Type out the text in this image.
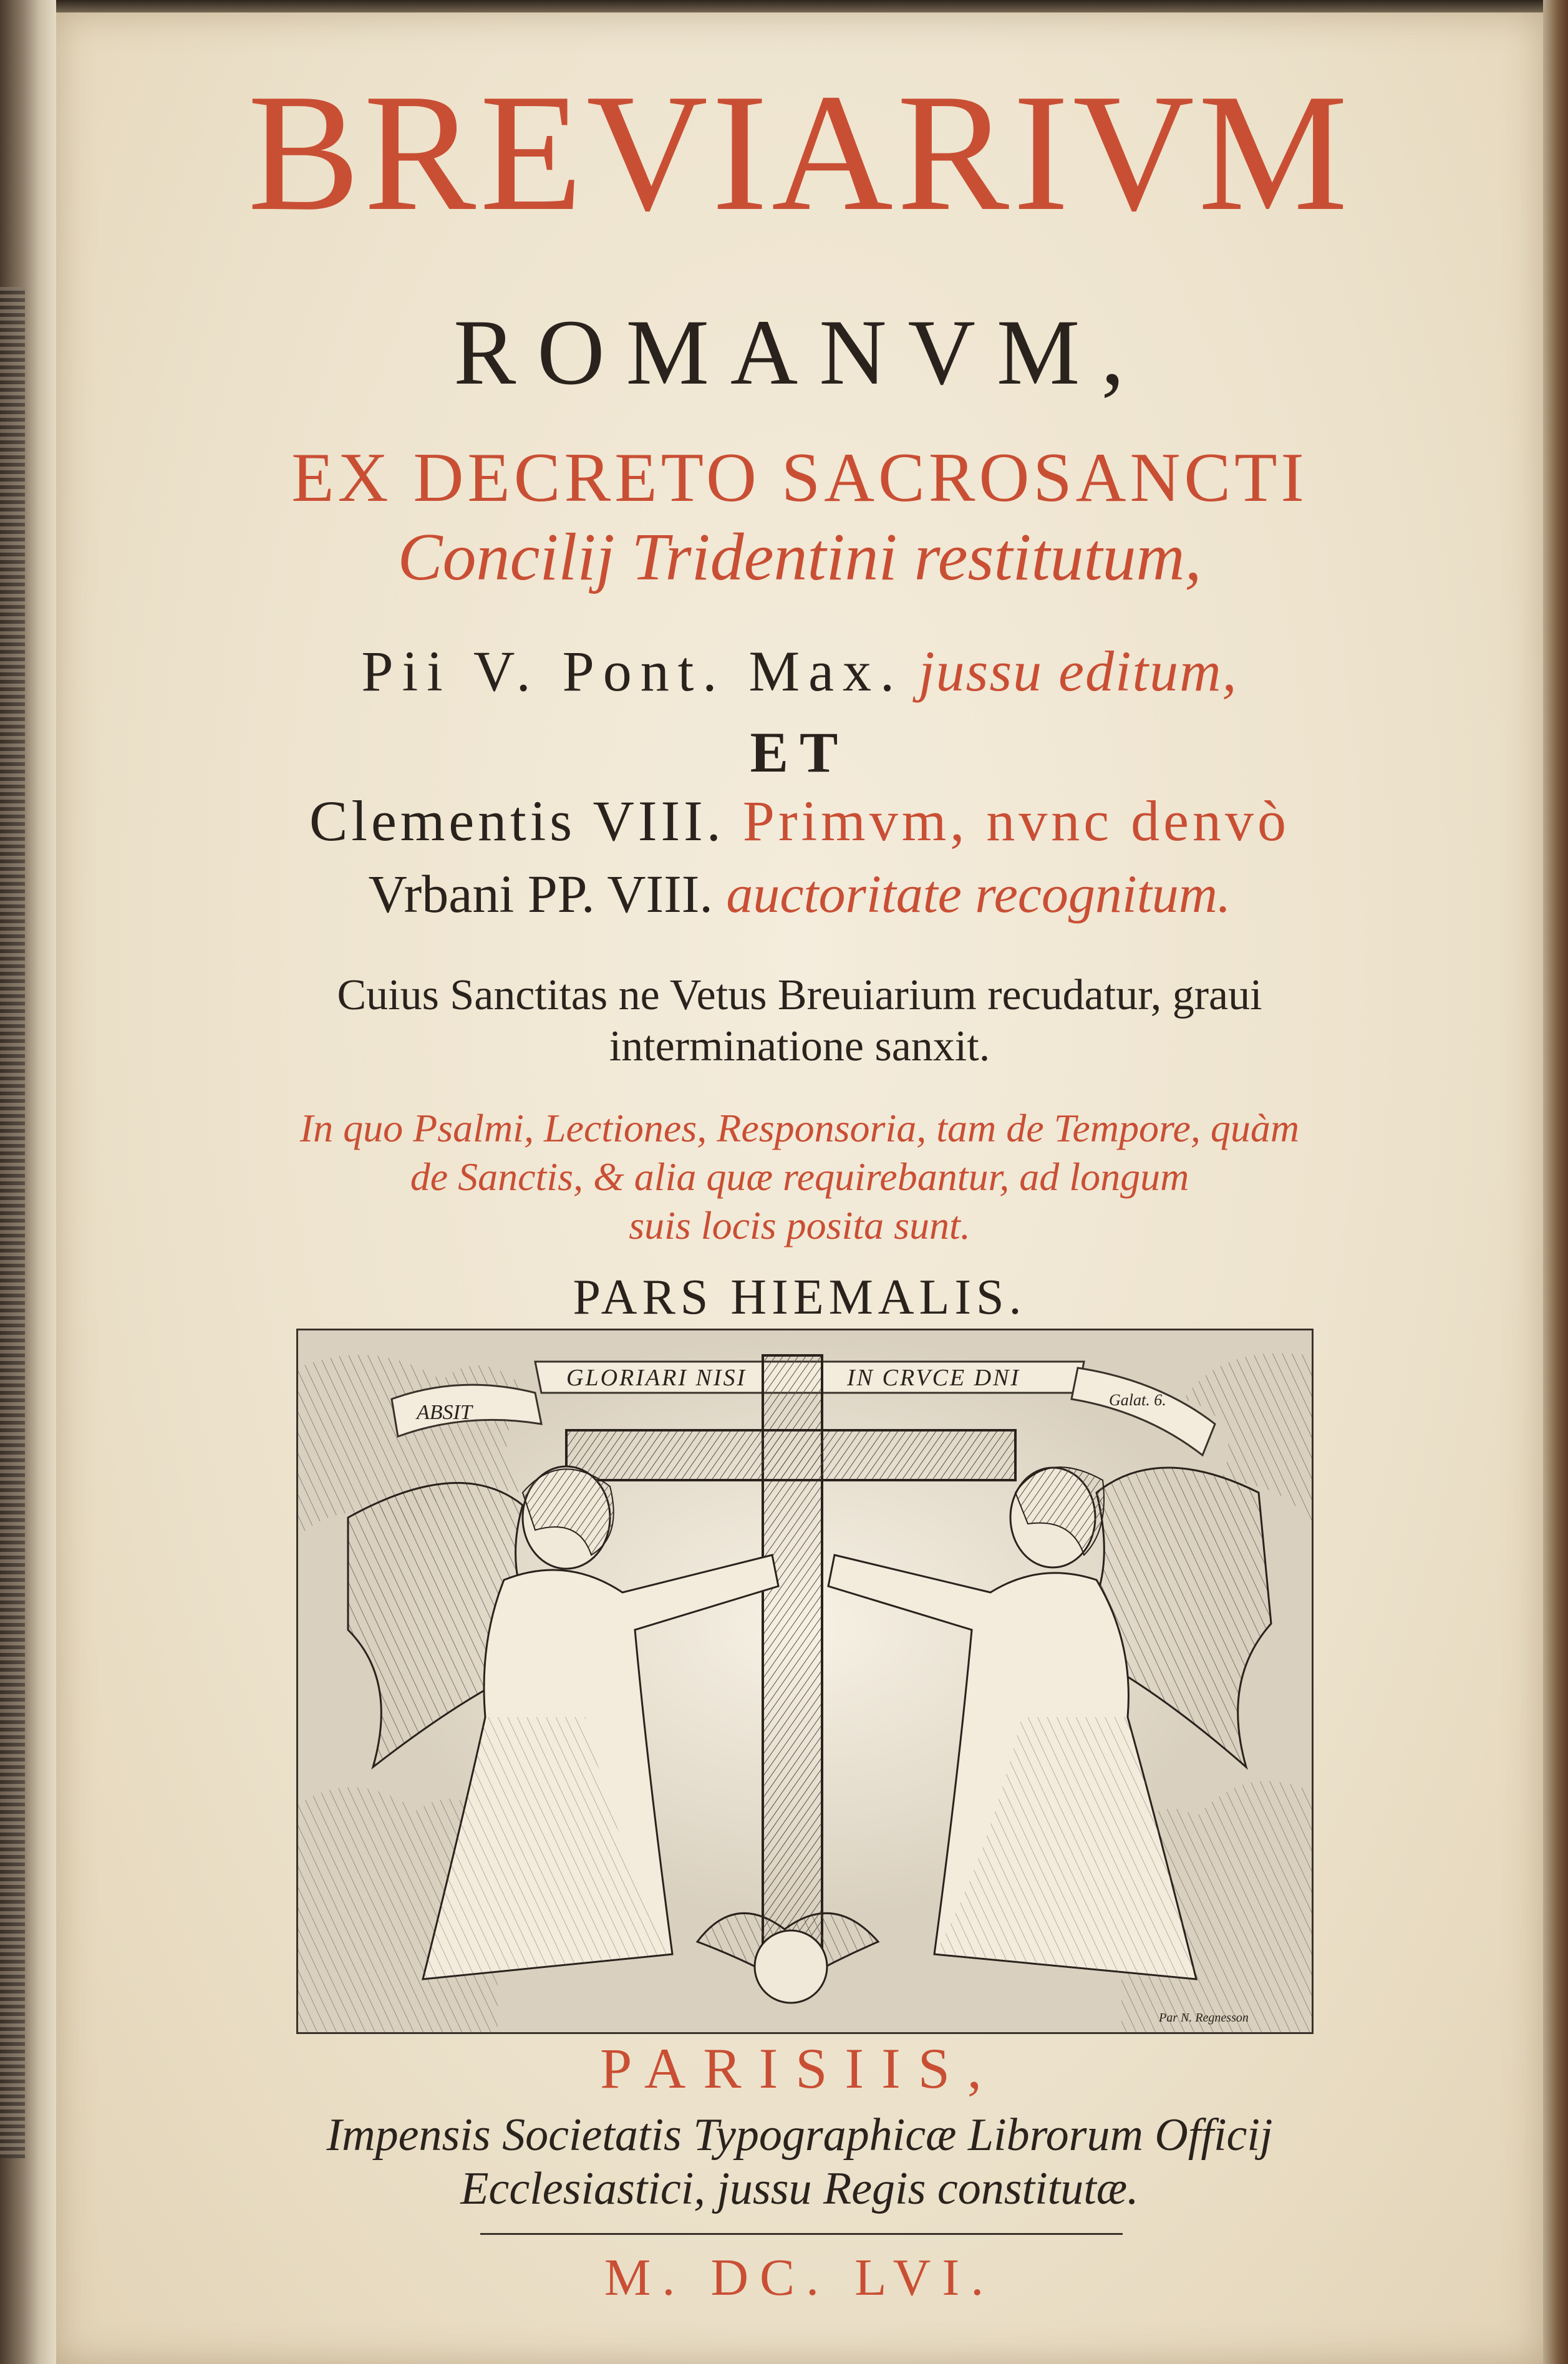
BREVIARIVM
ROMANVM,
EX DECRETO SACROSANCTI
Concilij Tridentini restitutum,
Pii V. Pont. Max. jussu editum,
ET
Clementis VIII. Primvm, nvnc denvò
Vrbani PP. VIII. auctoritate recognitum.
Cuius Sanctitas ne Vetus Breuiarium recudatur, graui
interminatione sanxit.
In quo Psalmi, Lectiones, Responsoria, tam de Tempore, quàm
de Sanctis, & alia quæ requirebantur, ad longum
suis locis posita sunt.
PARS HIEMALIS.
ABSIT
GLORIARI NISI	IN CRVCE DNI
Galat. 6.
Par N. Regnesson
PARISIIS,
Impensis Societatis Typographicæ Librorum Officij
Ecclesiastici, jussu Regis constitutæ.
M. DC. LVI.
